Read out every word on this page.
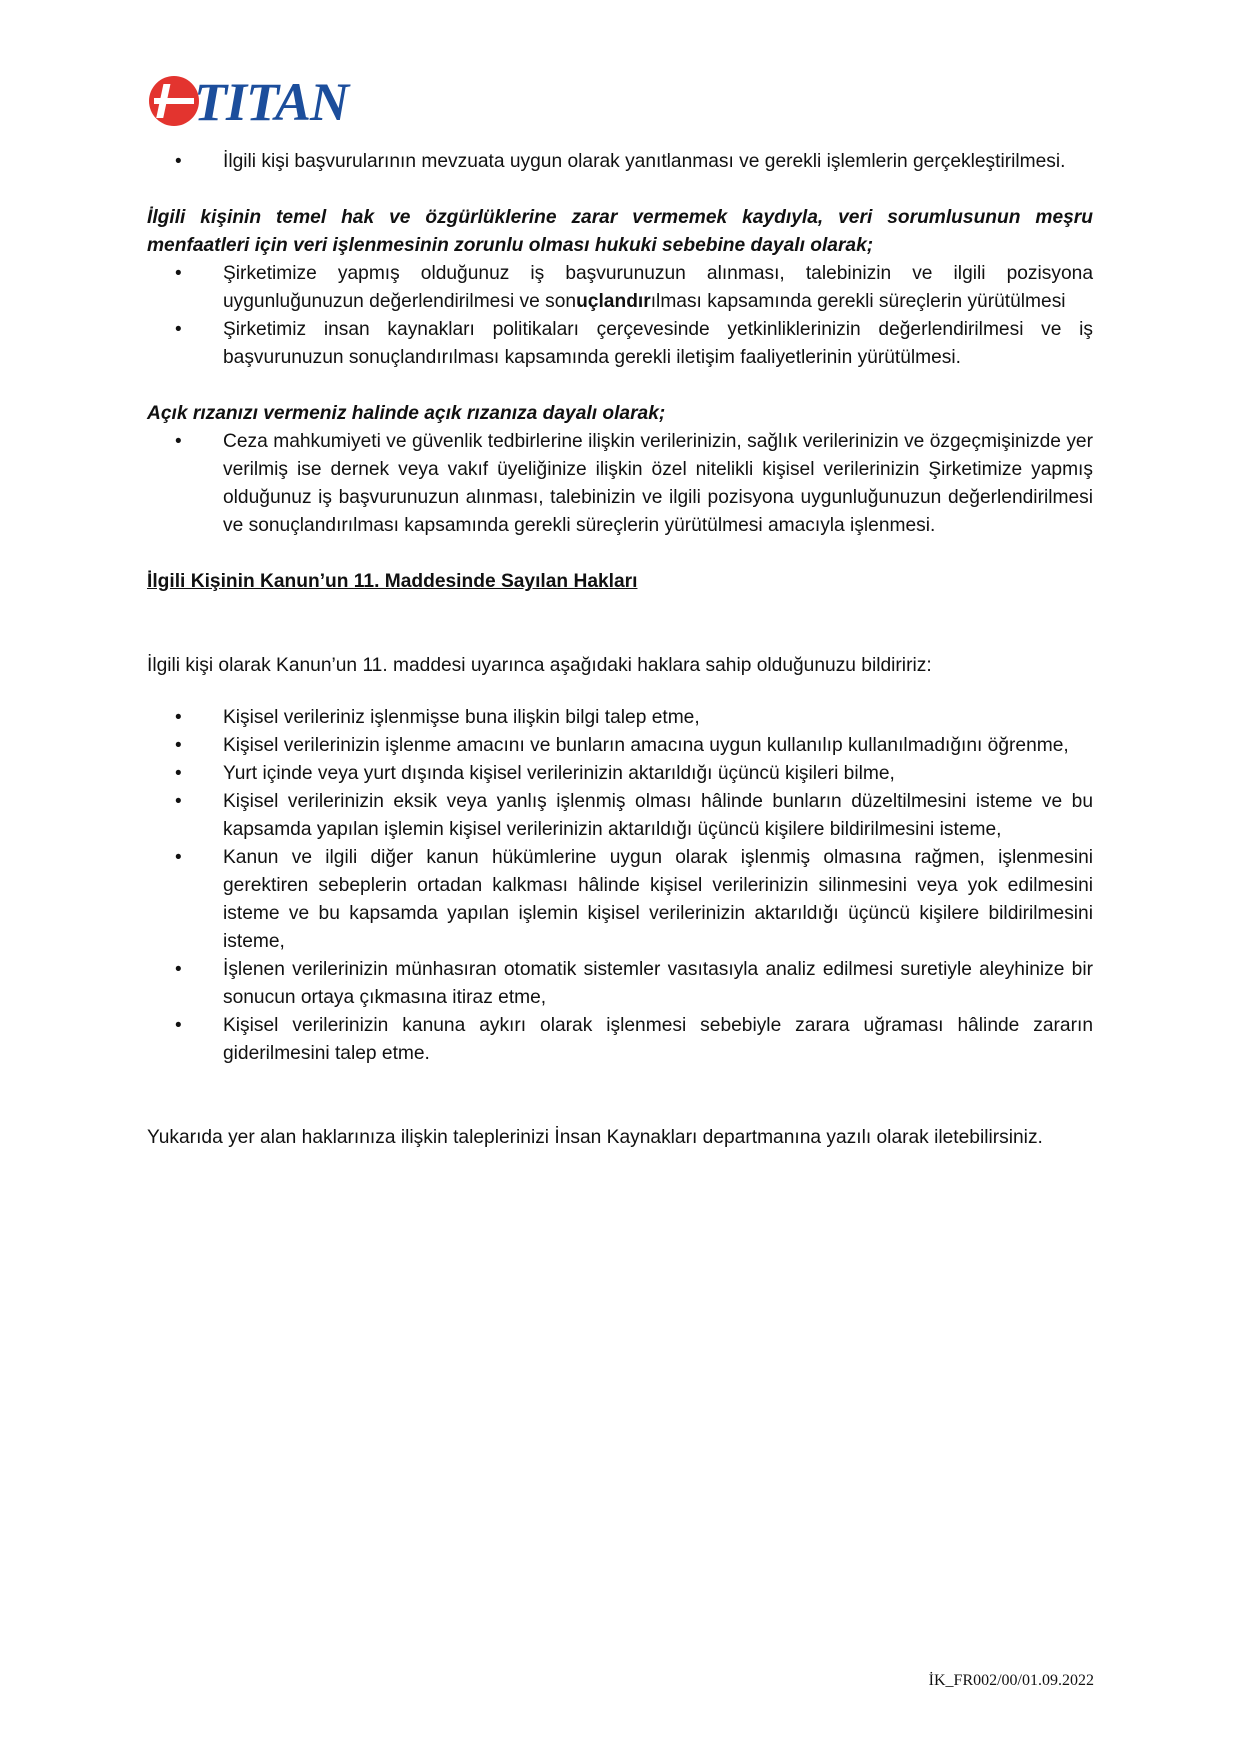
TITAN
• İlgili kişi başvurularının mevzuata uygun olarak yanıtlanması ve gerekli işlemlerin gerçekleştirilmesi.
İlgili kişinin temel hak ve özgürlüklerine zarar vermemek kaydıyla, veri sorumlusunun meşru menfaatleri için veri işlenmesinin zorunlu olması hukuki sebebine dayalı olarak;
• Şirketimize yapmış olduğunuz iş başvurunuzun alınması, talebinizin ve ilgili pozisyona uygunluğunuzun değerlendirilmesi ve sonuçlandırılması kapsamında gerekli süreçlerin yürütülmesi
• Şirketimiz insan kaynakları politikaları çerçevesinde yetkinliklerinizin değerlendirilmesi ve iş başvurunuzun sonuçlandırılması kapsamında gerekli iletişim faaliyetlerinin yürütülmesi.
Açık rızanızı vermeniz halinde açık rızanıza dayalı olarak;
• Ceza mahkumiyeti ve güvenlik tedbirlerine ilişkin verilerinizin, sağlık verilerinizin ve özgeçmişinizde yer verilmiş ise dernek veya vakıf üyeliğinize ilişkin özel nitelikli kişisel verilerinizin Şirketimize yapmış olduğunuz iş başvurunuzun alınması, talebinizin ve ilgili pozisyona uygunluğunuzun değerlendirilmesi ve sonuçlandırılması kapsamında gerekli süreçlerin yürütülmesi amacıyla işlenmesi.
İlgili Kişinin Kanun’un 11. Maddesinde Sayılan Hakları
İlgili kişi olarak Kanun’un 11. maddesi uyarınca aşağıdaki haklara sahip olduğunuzu bildiririz:
• Kişisel verileriniz işlenmişse buna ilişkin bilgi talep etme,
• Kişisel verilerinizin işlenme amacını ve bunların amacına uygun kullanılıp kullanılmadığını öğrenme,
• Yurt içinde veya yurt dışında kişisel verilerinizin aktarıldığı üçüncü kişileri bilme,
• Kişisel verilerinizin eksik veya yanlış işlenmiş olması hâlinde bunların düzeltilmesini isteme ve bu kapsamda yapılan işlemin kişisel verilerinizin aktarıldığı üçüncü kişilere bildirilmesini isteme,
• Kanun ve ilgili diğer kanun hükümlerine uygun olarak işlenmiş olmasına rağmen, işlenmesini gerektiren sebeplerin ortadan kalkması hâlinde kişisel verilerinizin silinmesini veya yok edilmesini isteme ve bu kapsamda yapılan işlemin kişisel verilerinizin aktarıldığı üçüncü kişilere bildirilmesini isteme,
• İşlenen verilerinizin münhasıran otomatik sistemler vasıtasıyla analiz edilmesi suretiyle aleyhinize bir sonucun ortaya çıkmasına itiraz etme,
• Kişisel verilerinizin kanuna aykırı olarak işlenmesi sebebiyle zarara uğraması hâlinde zararın giderilmesini talep etme.
Yukarıda yer alan haklarınıza ilişkin taleplerinizi İnsan Kaynakları departmanına yazılı olarak iletebilirsiniz.
İK_FR002/00/01.09.2022
